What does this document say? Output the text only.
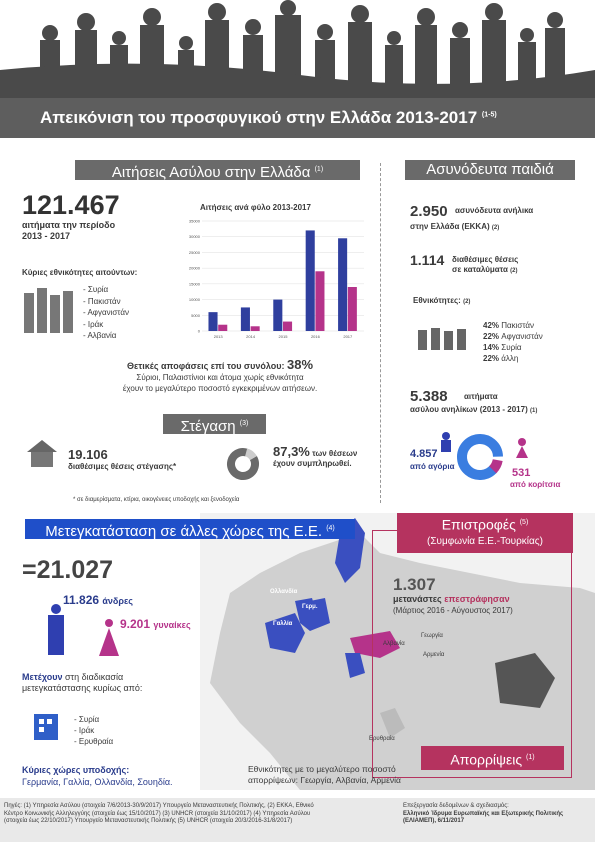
Απεικόνιση του προσφυγικού στην Ελλάδα 2013-2017 $^{(1-5)}$
Αιτήσεις Ασύλου στην Ελλάδα $^{(1)}$
121.467
αιτήματα την περίοδο
2013 - 2017
Κύριες εθνικότητες αιτούντων:
- Συρία
- Πακιστάν
- Αφγανιστάν
- Ιράκ
- Αλβανία
Αιτήσεις ανά φύλο 2013-2017
35000
30000
25000
20000
15000
10000
5000
0
2013	2014	2015	2016	2017
Θετικές αποφάσεις επί του συνόλου: 38%
Σύριοι, Παλαιστίνιοι και άτομα χωρίς εθνικότητα
έχουν το μεγαλύτερο ποσοστό εγκεκριμένων αιτήσεων.
Ασυνόδευτα παιδιά
2.950 ασυνόδευτα ανήλικα
στην Ελλάδα (ΕΚΚΑ) (2)
1.114 διαθέσιμες θέσεις
σε καταλύματα (2)
Εθνικότητες: (2)
42% Πακιστάν
22% Αφγανιστάν
14% Συρία
22% άλλη
5.388 αιτήματα
ασύλου ανηλίκων (2013 - 2017) (1)
4.857
από αγόρια
531
από κορίτσια
Στέγαση $^{(3)}$
19.106
διαθέσιμες θέσεις στέγασης*
87,3% των θέσεων
έχουν συμπληρωθεί.
* σε διαμερίσματα, κτίρια, οικογένειες υποδοχής και ξενοδοχεία
Μετεγκατάσταση σε άλλες χώρες της Ε.Ε. $^{(4)}$
=21.027
11.826 άνδρες
9.201 γυναίκες
Μετέχουν στη διαδικασία
μετεγκατάστασης κυρίως από:
- Συρία
- Ιράκ
- Ερυθραία
Κύριες χώρες υποδοχής:
Γερμανία, Γαλλία, Ολλανδία, Σουηδία.
Ολλανδία
Γερμ.
Γαλλία
Αλβανία
Γεωργία
Αρμενία
Ερυθραία
Επιστροφές $^{(5)}$
(Συμφωνία Ε.Ε.-Τουρκίας)
1.307
μετανάστες επεστράφησαν
(Μάρτιος 2016 - Αύγουστος 2017)
Εθνικότητες με το μεγαλύτερο ποσοστό
απορρίψεων: Γεωργία, Αλβανία, Αρμενία
Απορρίψεις $^{(1)}$
Πηγές: (1) Υπηρεσία Ασύλου (στοιχεία 7/6/2013-30/9/2017) Υπουργείο Μεταναστευτικής Πολιτικής, (2) ΕΚΚΑ, Εθνικό
Κέντρο Κοινωνικής Αλληλεγγύης (στοιχεία έως 15/10/2017) (3) UNHCR (στοιχεία 31/10/2017) (4) Υπηρεσία Ασύλου
(στοιχεία έως 22/10/2017) Υπουργείο Μεταναστευτικής Πολιτικής (5) UNHCR (στοιχεία 20/3/2016-31/8/2017)
Επεξεργασία δεδομένων & σχεδιασμός:
Ελληνικό Ίδρυμα Ευρωπαϊκής και Εξωτερικής Πολιτικής
(ΕΛΙΑΜΕΠ), 6/11/2017
